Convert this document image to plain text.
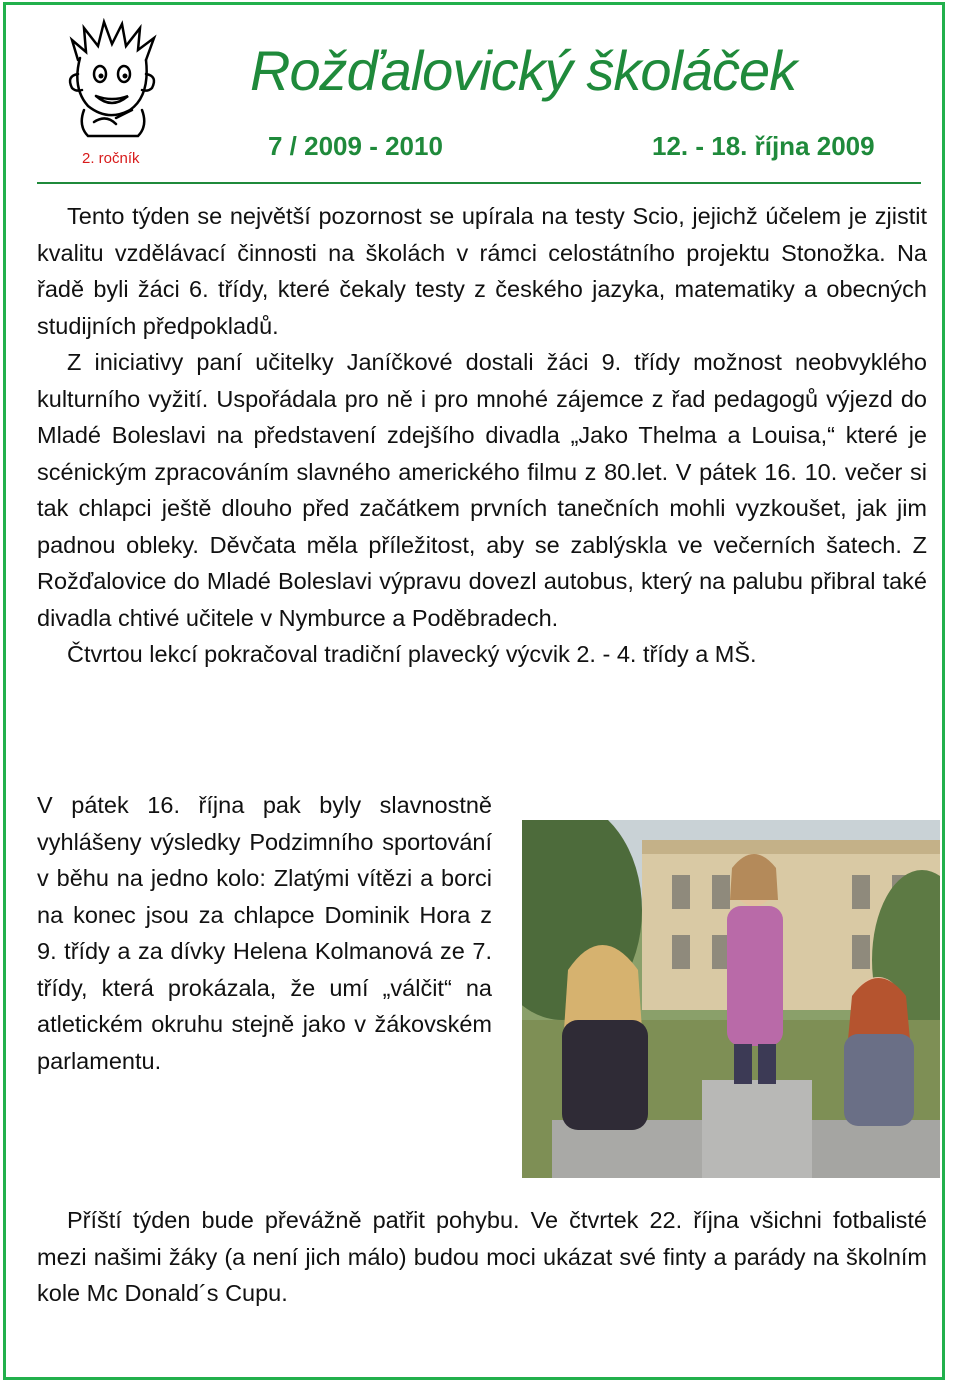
2. ročník
Rožďalovický školáček
7 / 2009 - 2010	12. - 18. října 2009

Tento týden se největší pozornost se upírala na testy Scio, jejichž účelem je zjistit kvalitu vzdělávací činnosti na školách v rámci celostátního projektu Stonožka. Na řadě byli žáci 6. třídy, které čekaly testy z českého jazyka, matematiky a obecných studijních předpokladů.

Z iniciativy paní učitelky Janíčkové dostali žáci 9. třídy možnost neobvyklého kulturního vyžití. Uspořádala pro ně i pro mnohé zájemce z řad pedagogů výjezd do Mladé Boleslavi na představení zdejšího divadla „Jako Thelma a Louisa,“ které je scénickým zpracováním slavného amerického filmu z 80.let. V pátek 16. 10. večer si tak chlapci ještě dlouho před začátkem prvních tanečních mohli vyzkoušet, jak jim padnou obleky. Děvčata měla příležitost, aby se zablýskla ve večerních šatech. Z Rožďalovice do Mladé Boleslavi výpravu dovezl autobus, který na palubu přibral také divadla chtivé učitele v Nymburce a Poděbradech.

Čtvrtou lekcí pokračoval tradiční plavecký výcvik 2. - 4. třídy a MŠ.

V pátek 16. října pak byly slavnostně vyhlášeny výsledky Podzimního sportování v běhu na jedno kolo: Zlatými vítězi a borci na konec jsou za chlapce Dominik Hora z 9. třídy a za dívky Helena Kolmanová ze 7. třídy, která prokázala, že umí „válčit“ na atletickém okruhu stejně jako v žákovském parlamentu.

Příští týden bude převážně patřit pohybu. Ve čtvrtek 22. října všichni fotbalisté mezi našimi žáky (a není jich málo) budou moci ukázat své finty a parády na školním kole Mc Donald´s Cupu.
